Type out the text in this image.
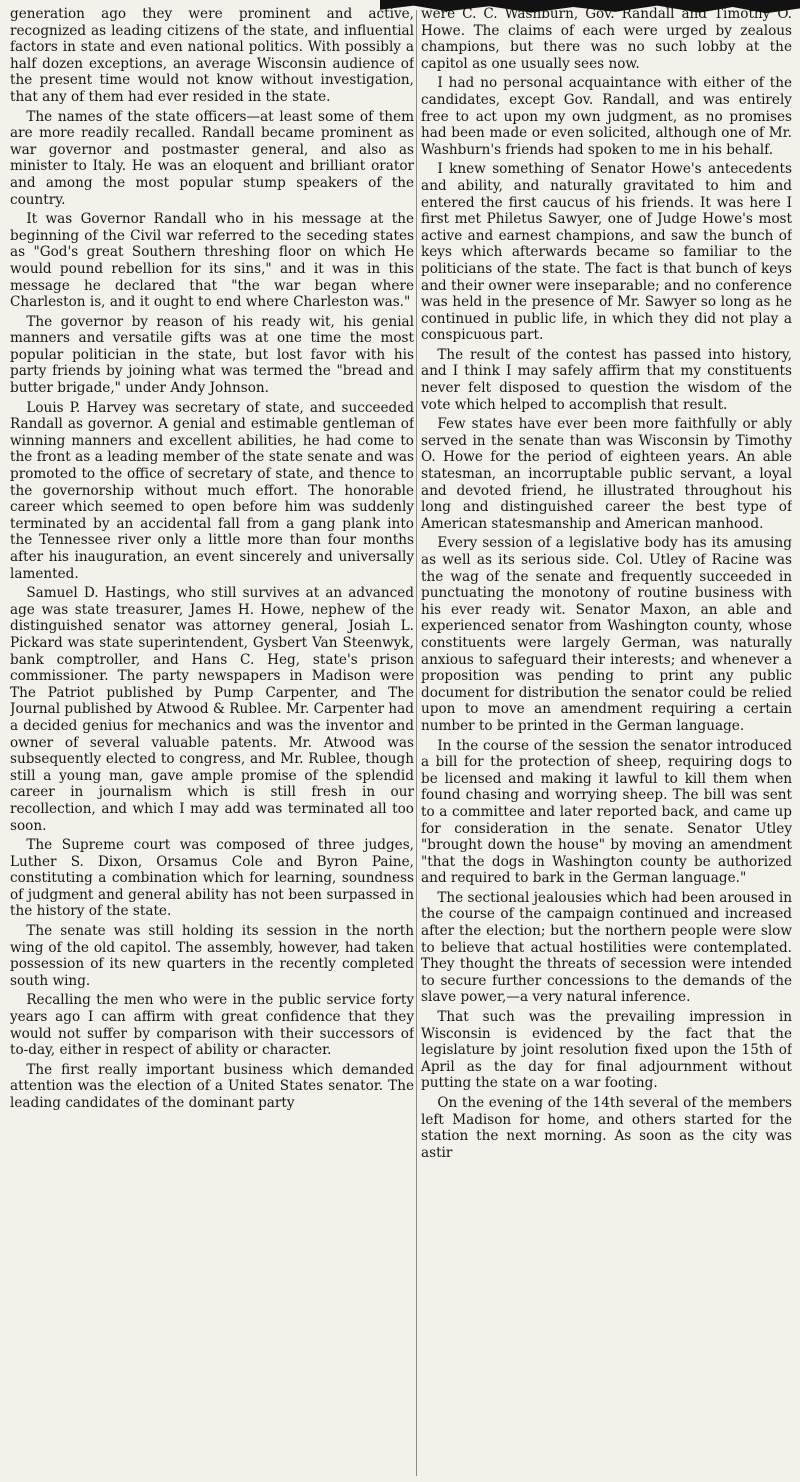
generation ago they were prominent and active, recognized as leading citizens of the state, and influential factors in state and even national politics. With possibly a half dozen exceptions, an average Wisconsin audience of the present time would not know without investigation, that any of them had ever resided in the state.

The names of the state officers—at least some of them are more readily recalled. Randall became prominent as war governor and postmaster general, and also as minister to Italy. He was an eloquent and brilliant orator and among the most popular stump speakers of the country.

It was Governor Randall who in his message at the beginning of the Civil war referred to the seceding states as "God's great Southern threshing floor on which He would pound rebellion for its sins," and it was in this message he declared that "the war began where Charleston is, and it ought to end where Charleston was."

The governor by reason of his ready wit, his genial manners and versatile gifts was at one time the most popular politician in the state, but lost favor with his party friends by joining what was termed the "bread and butter brigade," under Andy Johnson.

Louis P. Harvey was secretary of state, and succeeded Randall as governor. A genial and estimable gentleman of winning manners and excellent abilities, he had come to the front as a leading member of the state senate and was promoted to the office of secretary of state, and thence to the governorship without much effort. The honorable career which seemed to open before him was suddenly terminated by an accidental fall from a gang plank into the Tennessee river only a little more than four months after his inauguration, an event sincerely and universally lamented.

Samuel D. Hastings, who still survives at an advanced age was state treasurer, James H. Howe, nephew of the distinguished senator was attorney general, Josiah L. Pickard was state superintendent, Gysbert Van Steenwyk, bank comptroller, and Hans C. Heg, state's prison commissioner. The party newspapers in Madison were The Patriot published by Pump Carpenter, and The Journal published by Atwood & Rublee. Mr. Carpenter had a decided genius for mechanics and was the inventor and owner of several valuable patents. Mr. Atwood was subsequently elected to congress, and Mr. Rublee, though still a young man, gave ample promise of the splendid career in journalism which is still fresh in our recollection, and which I may add was terminated all too soon.

The Supreme court was composed of three judges, Luther S. Dixon, Orsamus Cole and Byron Paine, constituting a combination which for learning, soundness of judgment and general ability has not been surpassed in the history of the state.

The senate was still holding its session in the north wing of the old capitol. The assembly, however, had taken possession of its new quarters in the recently completed south wing.

Recalling the men who were in the public service forty years ago I can affirm with great confidence that they would not suffer by comparison with their successors of to-day, either in respect of ability or character.

The first really important business which demanded attention was the election of a United States senator. The leading candidates of the dominant party

were C. C. Washburn, Gov. Randall and Timothy O. Howe. The claims of each were urged by zealous champions, but there was no such lobby at the capitol as one usually sees now.

I had no personal acquaintance with either of the candidates, except Gov. Randall, and was entirely free to act upon my own judgment, as no promises had been made or even solicited, although one of Mr. Washburn's friends had spoken to me in his behalf.

I knew something of Senator Howe's antecedents and ability, and naturally gravitated to him and entered the first caucus of his friends. It was here I first met Philetus Sawyer, one of Judge Howe's most active and earnest champions, and saw the bunch of keys which afterwards became so familiar to the politicians of the state. The fact is that bunch of keys and their owner were inseparable; and no conference was held in the presence of Mr. Sawyer so long as he continued in public life, in which they did not play a conspicuous part.

The result of the contest has passed into history, and I think I may safely affirm that my constituents never felt disposed to question the wisdom of the vote which helped to accomplish that result.

Few states have ever been more faithfully or ably served in the senate than was Wisconsin by Timothy O. Howe for the period of eighteen years. An able statesman, an incorruptable public servant, a loyal and devoted friend, he illustrated throughout his long and distinguished career the best type of American statesmanship and American manhood.

Every session of a legislative body has its amusing as well as its serious side. Col. Utley of Racine was the wag of the senate and frequently succeeded in punctuating the monotony of routine business with his ever ready wit. Senator Maxon, an able and experienced senator from Washington county, whose constituents were largely German, was naturally anxious to safeguard their interests; and whenever a proposition was pending to print any public document for distribution the senator could be relied upon to move an amendment requiring a certain number to be printed in the German language.

In the course of the session the senator introduced a bill for the protection of sheep, requiring dogs to be licensed and making it lawful to kill them when found chasing and worrying sheep. The bill was sent to a committee and later reported back, and came up for consideration in the senate. Senator Utley "brought down the house" by moving an amendment "that the dogs in Washington county be authorized and required to bark in the German language."

The sectional jealousies which had been aroused in the course of the campaign continued and increased after the election; but the northern people were slow to believe that actual hostilities were contemplated. They thought the threats of secession were intended to secure further concessions to the demands of the slave power,—a very natural inference.

That such was the prevailing impression in Wisconsin is evidenced by the fact that the legislature by joint resolution fixed upon the 15th of April as the day for final adjournment without putting the state on a war footing.

On the evening of the 14th several of the members left Madison for home, and others started for the station the next morning. As soon as the city was astir
